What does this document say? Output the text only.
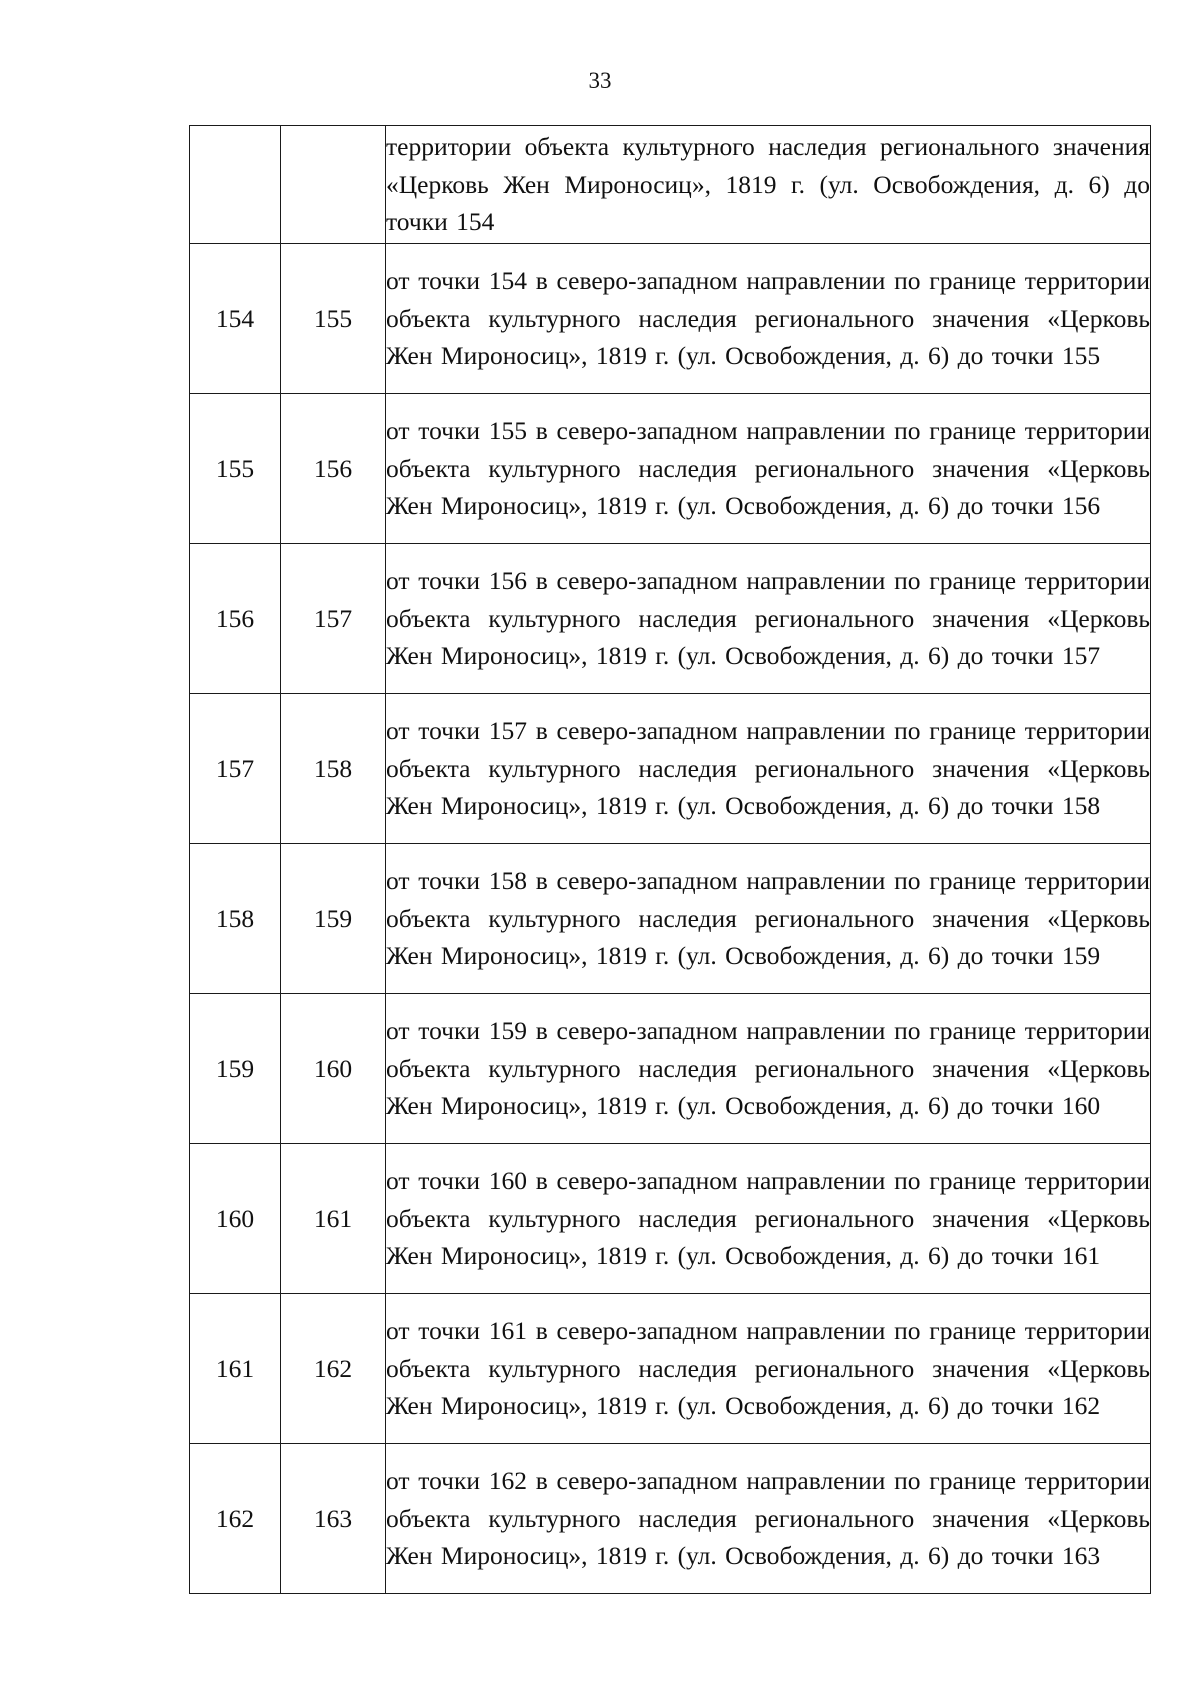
33
		территории объекта культурного наследия регионального значения «Церковь Жен Мироносиц», 1819 г. (ул. Освобождения, д. 6) до точки 154
154	155	от точки 154 в северо-западном направлении по границе территории объекта культурного наследия регионального значения «Церковь Жен Мироносиц», 1819 г. (ул. Освобождения, д. 6) до точки 155
155	156	от точки 155 в северо-западном направлении по границе территории объекта культурного наследия регионального значения «Церковь Жен Мироносиц», 1819 г. (ул. Освобождения, д. 6) до точки 156
156	157	от точки 156 в северо-западном направлении по границе территории объекта культурного наследия регионального значения «Церковь Жен Мироносиц», 1819 г. (ул. Освобождения, д. 6) до точки 157
157	158	от точки 157 в северо-западном направлении по границе территории объекта культурного наследия регионального значения «Церковь Жен Мироносиц», 1819 г. (ул. Освобождения, д. 6) до точки 158
158	159	от точки 158 в северо-западном направлении по границе территории объекта культурного наследия регионального значения «Церковь Жен Мироносиц», 1819 г. (ул. Освобождения, д. 6) до точки 159
159	160	от точки 159 в северо-западном направлении по границе территории объекта культурного наследия регионального значения «Церковь Жен Мироносиц», 1819 г. (ул. Освобождения, д. 6) до точки 160
160	161	от точки 160 в северо-западном направлении по границе территории объекта культурного наследия регионального значения «Церковь Жен Мироносиц», 1819 г. (ул. Освобождения, д. 6) до точки 161
161	162	от точки 161 в северо-западном направлении по границе территории объекта культурного наследия регионального значения «Церковь Жен Мироносиц», 1819 г. (ул. Освобождения, д. 6) до точки 162
162	163	от точки 162 в северо-западном направлении по границе территории объекта культурного наследия регионального значения «Церковь Жен Мироносиц», 1819 г. (ул. Освобождения, д. 6) до точки 163
